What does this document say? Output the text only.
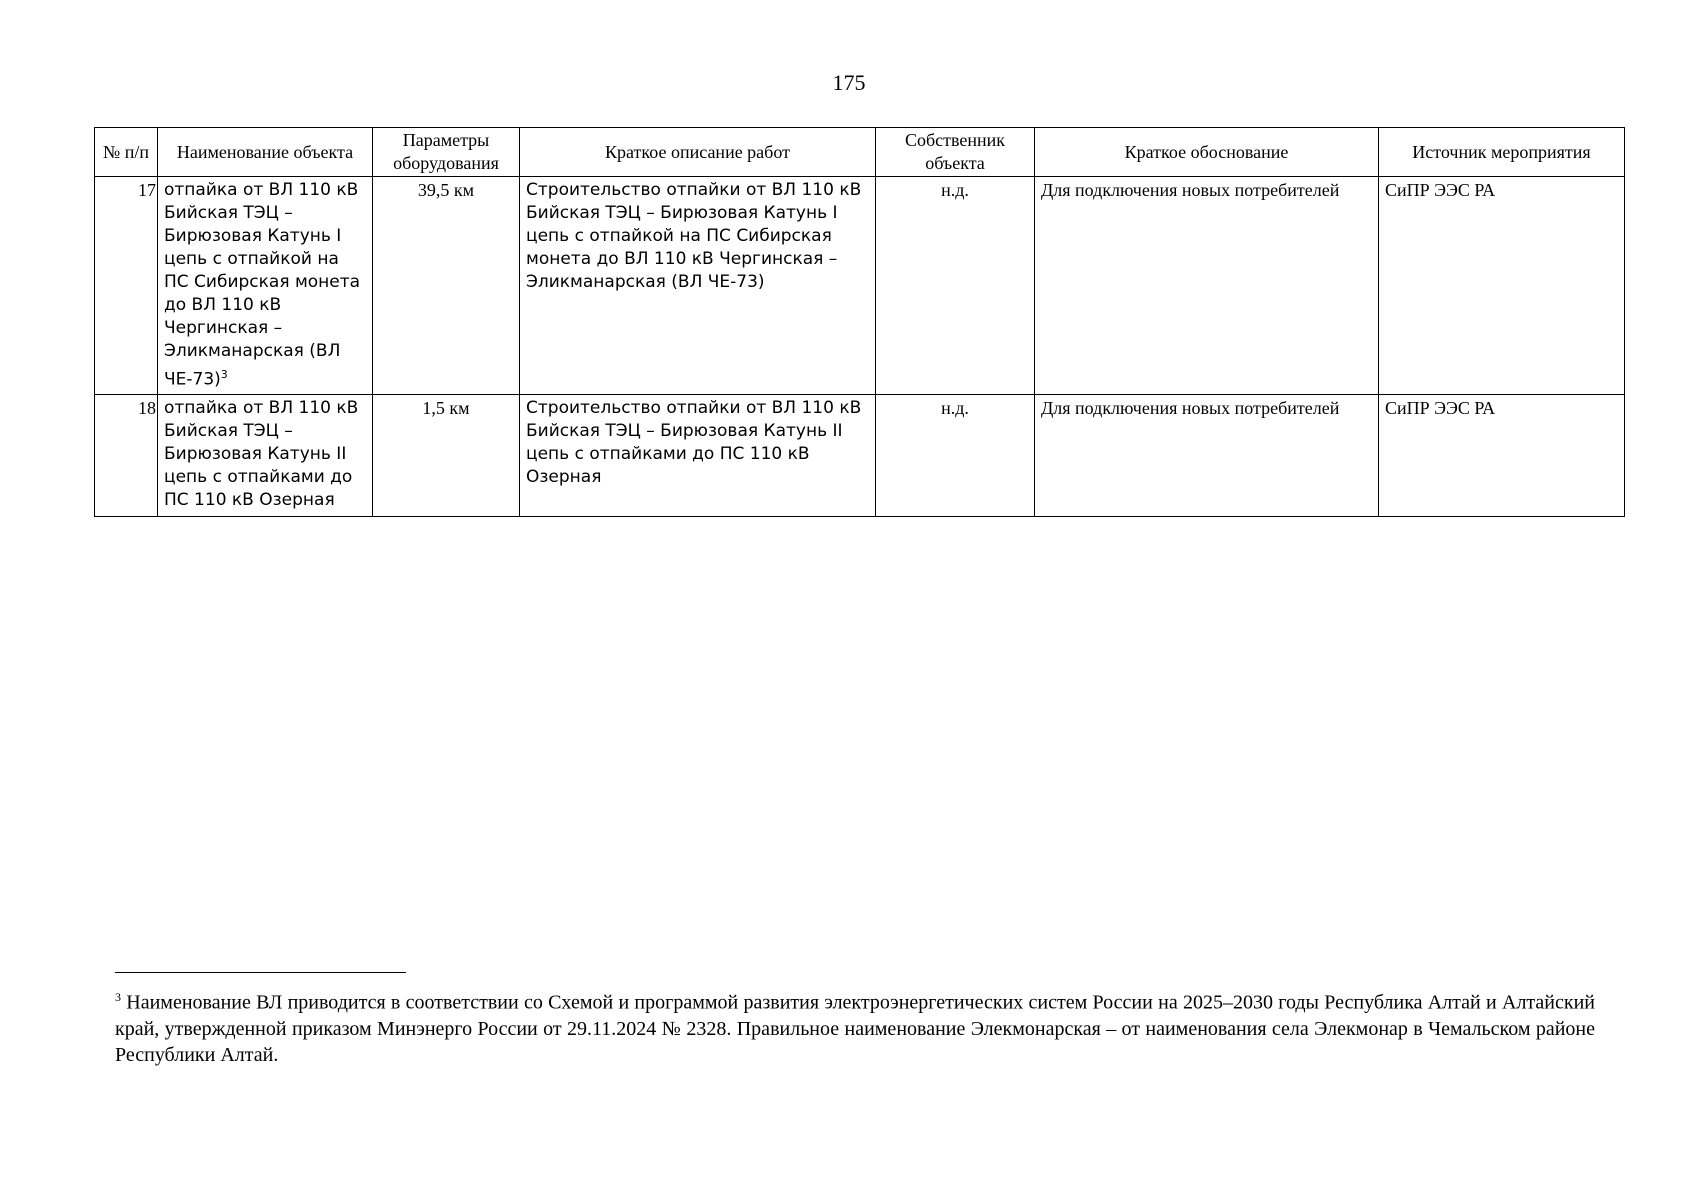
175
№ п/п	Наименование объекта	Параметры оборудования	Краткое описание работ	Собственник объекта	Краткое обоснование	Источник мероприятия
17	отпайка от ВЛ 110 кВ Бийская ТЭЦ – Бирюзовая Катунь I цепь с отпайкой на ПС Сибирская монета до ВЛ 110 кВ Чергинская – Эликманарская (ВЛ ЧЕ-73)$^3$	39,5 км	Строительство отпайки от ВЛ 110 кВ Бийская ТЭЦ – Бирюзовая Катунь I цепь с отпайкой на ПС Сибирская монета до ВЛ 110 кВ Чергинская – Эликманарская (ВЛ ЧЕ-73)	н.д.	Для подключения новых потребителей	СиПР ЭЭС РА
18	отпайка от ВЛ 110 кВ Бийская ТЭЦ – Бирюзовая Катунь II цепь с отпайками до ПС 110 кВ Озерная	1,5 км	Строительство отпайки от ВЛ 110 кВ Бийская ТЭЦ – Бирюзовая Катунь II цепь с отпайками до ПС 110 кВ Озерная	н.д.	Для подключения новых потребителей	СиПР ЭЭС РА
$^3$ Наименование ВЛ приводится в соответствии со Схемой и программой развития электроэнергетических систем России на 2025–2030 годы Республика Алтай и Алтайский край, утвержденной приказом Минэнерго России от 29.11.2024 № 2328. Правильное наименование Элекмонарская – от наименования села Элекмонар в Чемальском районе Республики Алтай.
